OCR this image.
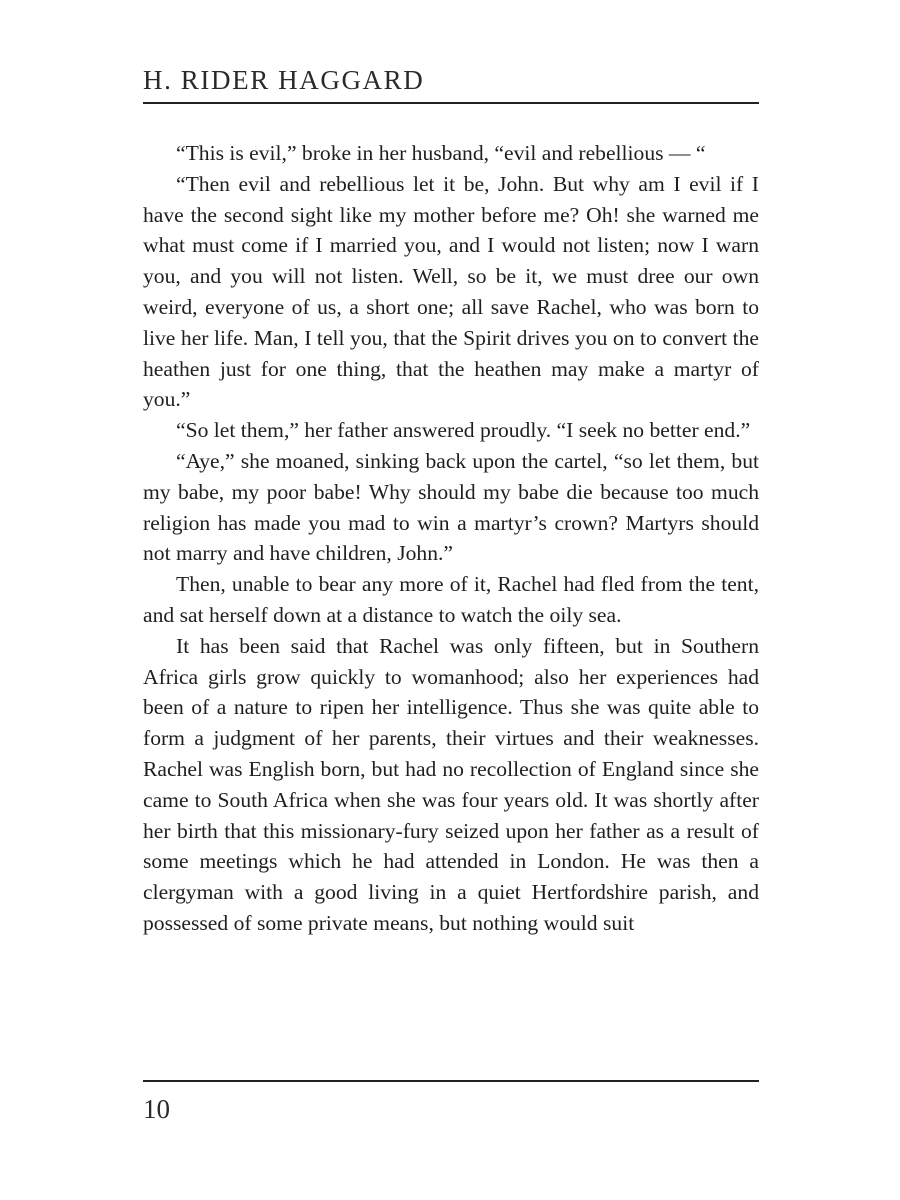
H. RIDER HAGGARD

“This is evil,” broke in her husband, “evil and rebellious — “

“Then evil and rebellious let it be, John. But why am I evil if I have the second sight like my mother before me? Oh! she warned me what must come if I married you, and I would not listen; now I warn you, and you will not listen. Well, so be it, we must dree our own weird, everyone of us, a short one; all save Rachel, who was born to live her life. Man, I tell you, that the Spirit drives you on to convert the heathen just for one thing, that the heathen may make a martyr of you.”

“So let them,” her father answered proudly. “I seek no better end.”

“Aye,” she moaned, sinking back upon the cartel, “so let them, but my babe, my poor babe! Why should my babe die because too much religion has made you mad to win a martyr’s crown? Martyrs should not marry and have children, John.”

Then, unable to bear any more of it, Rachel had fled from the tent, and sat herself down at a distance to watch the oily sea.

It has been said that Rachel was only fifteen, but in Southern Africa girls grow quickly to womanhood; also her experiences had been of a nature to ripen her intelligence. Thus she was quite able to form a judgment of her parents, their virtues and their weaknesses. Rachel was English born, but had no recollection of England since she came to South Africa when she was four years old. It was shortly after her birth that this missionary-fury seized upon her father as a result of some meetings which he had attended in London. He was then a clergyman with a good living in a quiet Hertfordshire parish, and possessed of some private means, but nothing would suit

10
